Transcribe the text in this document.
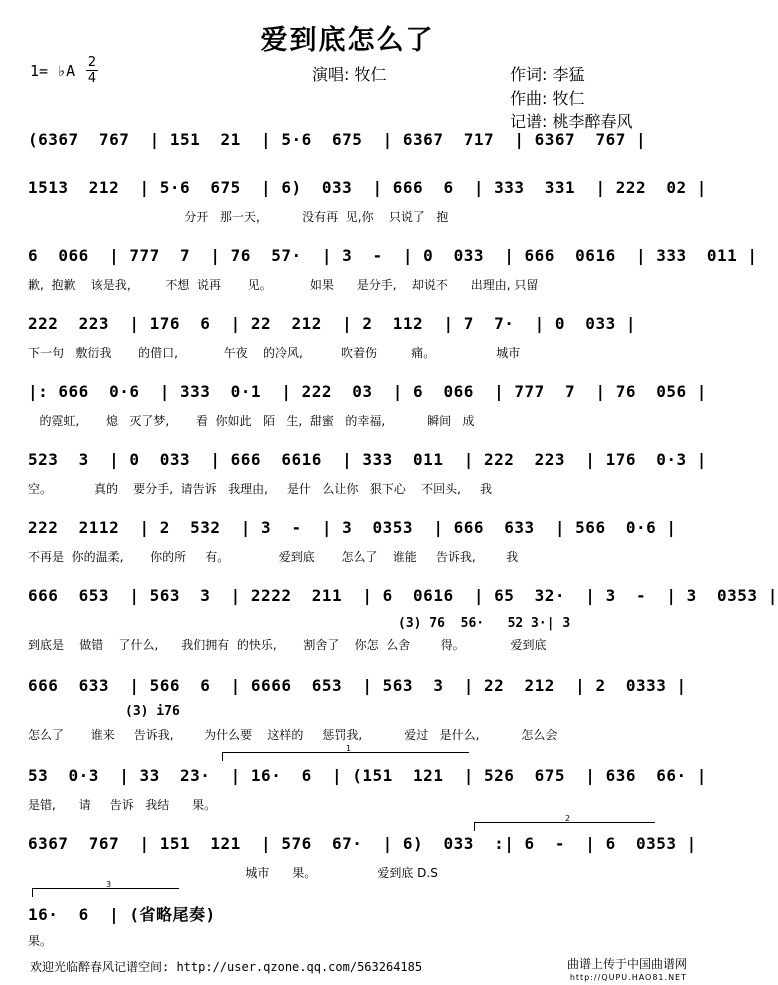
爱到底怎么了
1= ♭A 2
4	演唱: 牧仁	作词: 李猛
作曲: 牧仁
记谱: 桃李醉春风
(6367  767  | 151  21  | 5·6  675  | 6367  717  | 6367  767 |
1513  212  | 5·6  675  | 6)  033  | 666  6  | 333  331  | 222  02 |
分开   那一天，         没有再  见,你    只说了   抱
6  066  | 777  7  | 76  57·  | 3  -  | 0  033  | 666  0616  | 333  011 |
歉,  抱歉    该是我，       不想  说再       见。          如果      是分手,    却说不      出理由, 只留
222  223  | 176  6  | 22  212  | 2  112  | 7  7·  | 0  033 |
下一句   敷衍我       的借口,            午夜    的冷风,          吹着伤         痛。                城市
|: 666  0·6  | 333  0·1  | 222  03  | 6  066  | 777  7  | 76  056 |
的霓虹,       熄   灭了梦,       看  你如此   陌   生,  甜蜜   的幸福,           瞬间   成
523  3  | 0  033  | 666  6616  | 333  011  | 222  223  | 176  0·3 |
空。           真的    要分手,  请告诉   我理由,     是什   么让你   狠下心    不回头,     我
222  2112  | 2  532  | 3  -  | 3  0353  | 666  633  | 566  0·6 |
不再是  你的温柔,       你的所     有。             爱到底       怎么了    谁能     告诉我,        我
666  653  | 563  3  | 2222  211  | 6  0616  | 65  32·  | 3  -  | 3  0353 |
(3) 76  56·   52 3·| 3
到底是    做错    了什么,      我们拥有  的快乐,       割舍了    你怎  么舍        得。            爱到底
666  633  | 566  6  | 6666  653  | 563  3  | 22  212  | 2  0333 |
(3) i76
怎么了       谁来     告诉我,        为什么要    这样的     惩罚我,           爱过   是什么,           怎么会
1
53  0·3  | 33  23·  | 16·  6  | (151  121  | 526  675  | 636  66· |
是错,      请     告诉   我结      果。
2
6367  767  | 151  121  | 576  67·  | 6)  033  :| 6  -  | 6  0353 |
城市      果。                爱到底 D.S
3
16·  6  | (省略尾奏)
果。
欢迎光临醉春风记谱空间: http://user.qzone.qq.com/563264185	曲谱上传于中国曲谱网
http://QUPU.HAO81.NET
